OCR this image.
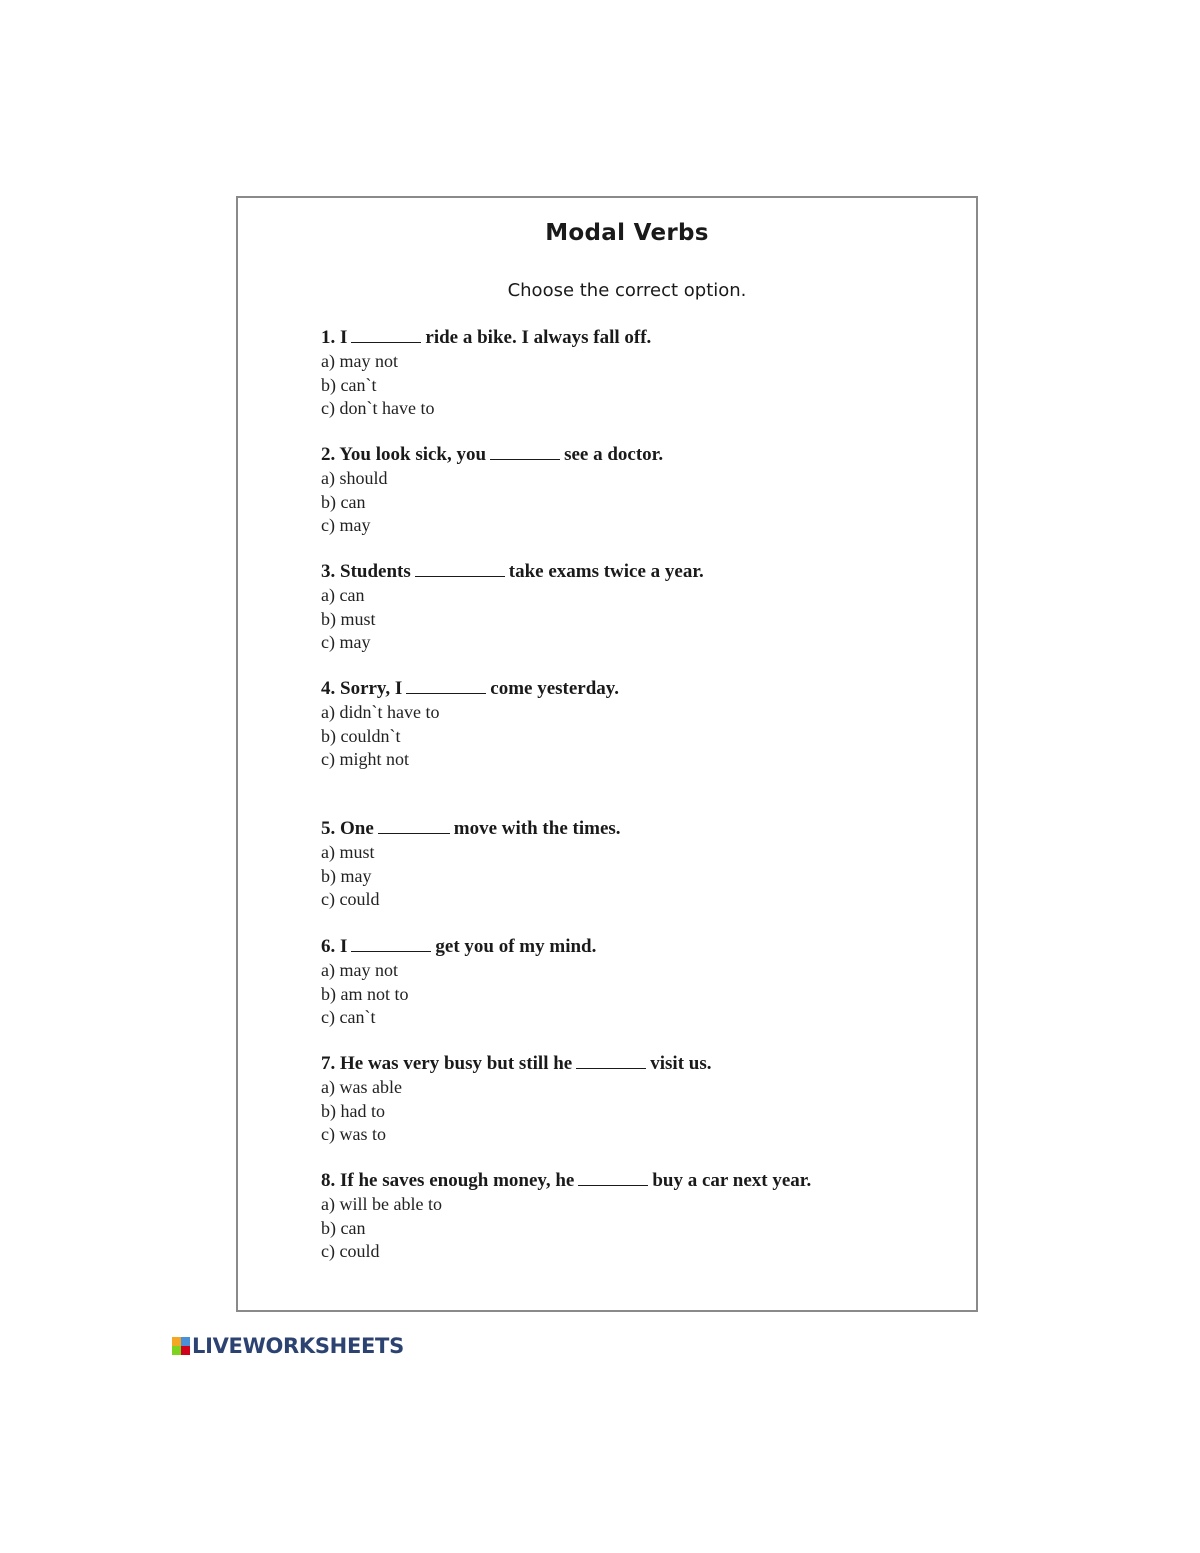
Modal Verbs
Choose the correct option.
1. I	ride a bike. I always fall off.
a) may not
b) can`t
c) don`t have to
2. You look sick, you	see a doctor.
a) should
b) can
c) may
3. Students	take exams twice a year.
a) can
b) must
c) may
4. Sorry, I	come yesterday.
a) didn`t have to
b) couldn`t
c) might not
5. One	move with the times.
a) must
b) may
c) could
6. I	get you of my mind.
a) may not
b) am not to
c) can`t
7. He was very busy but still he	visit us.
a) was able
b) had to
c) was to
8. If he saves enough money, he	buy a car next year.
a) will be able to
b) can
c) could
LIVEWORKSHEETS
